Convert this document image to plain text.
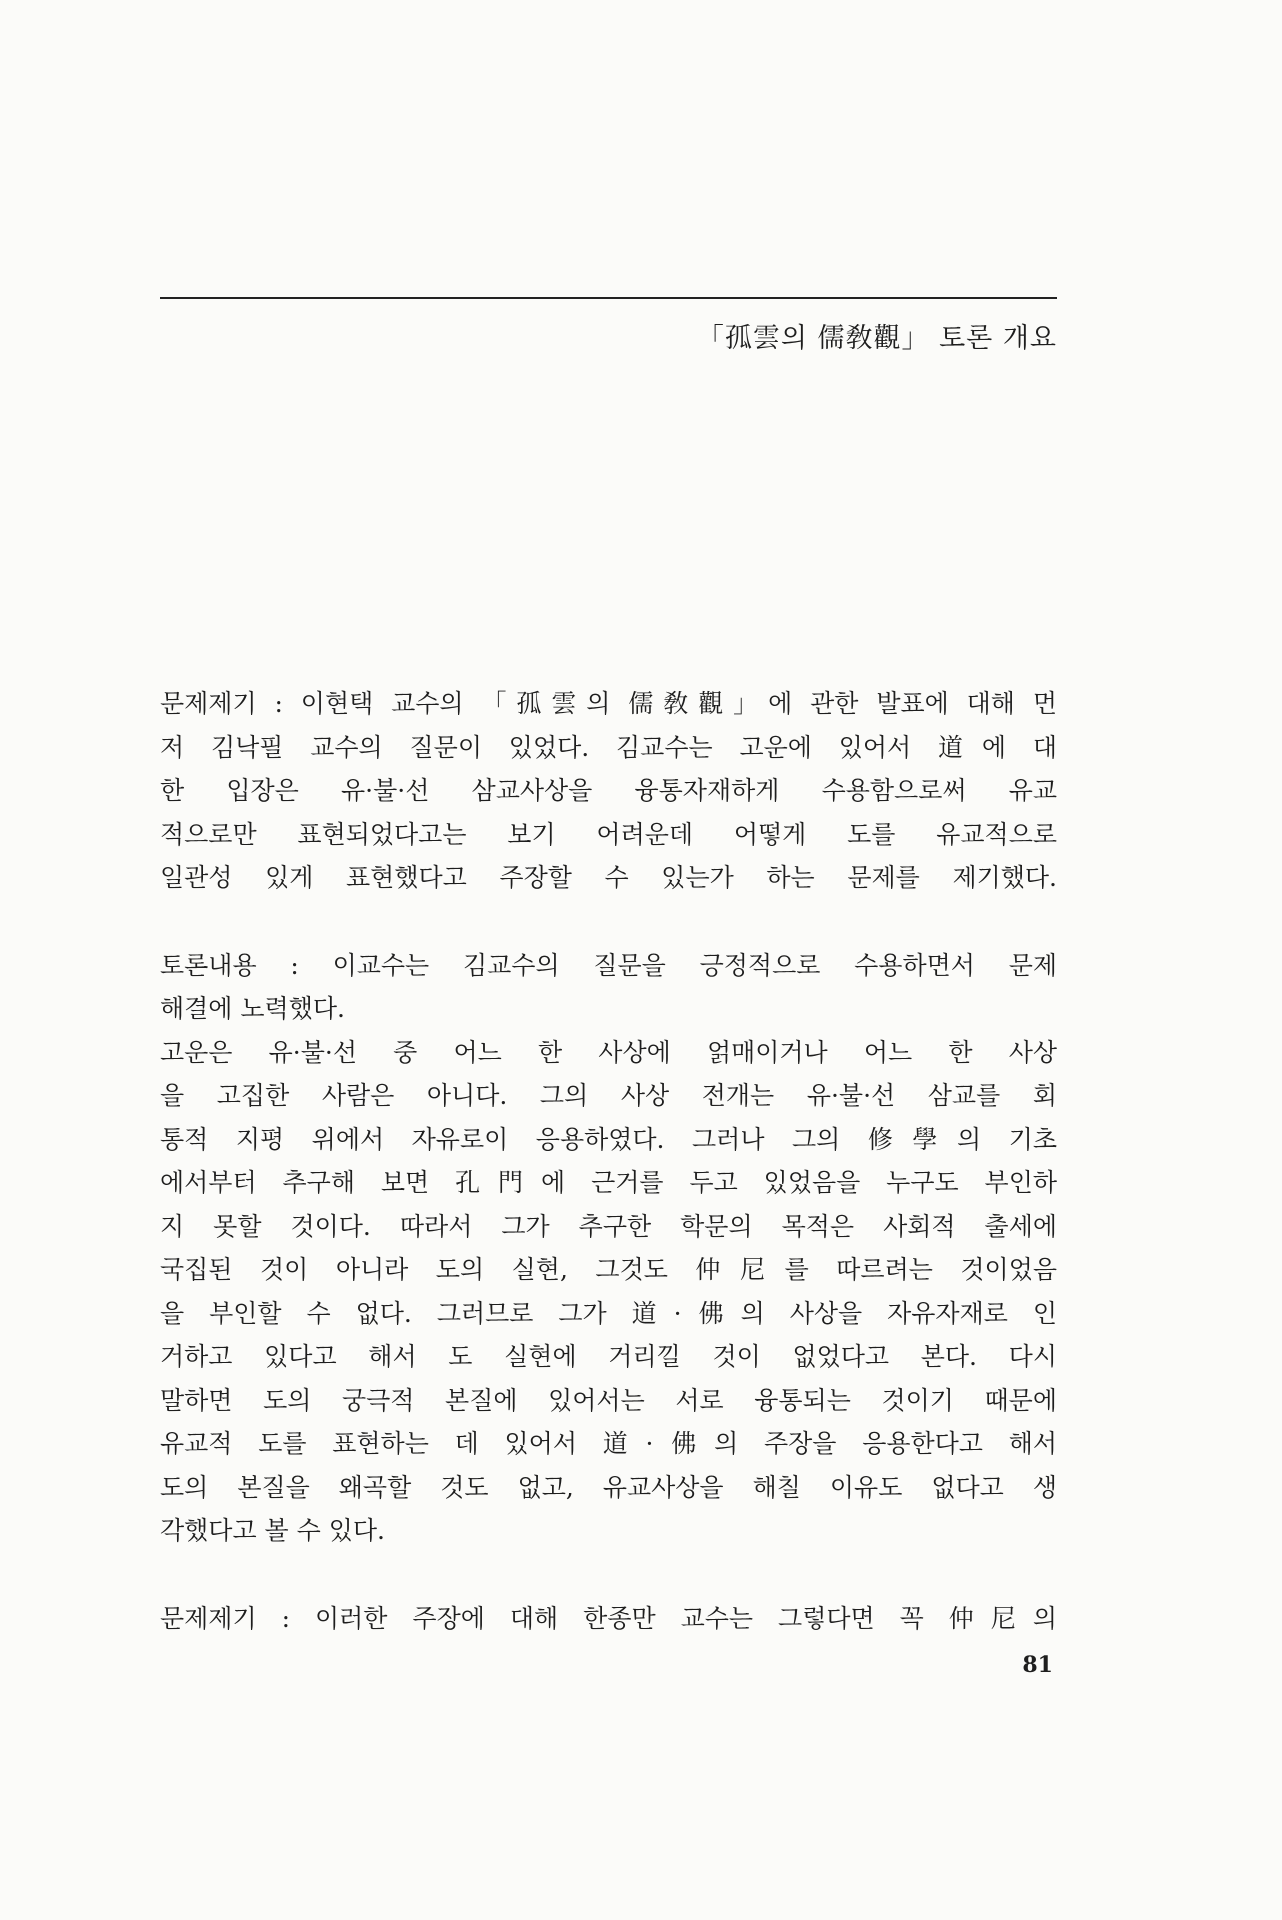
「孤雲의 儒敎觀」 토론 개요
문제제기 : 이현택 교수의 「孤雲의 儒敎觀」에 관한 발표에 대해 먼
저 김낙필 교수의 질문이 있었다. 김교수는 고운에 있어서 道에 대
한 입장은 유·불·선 삼교사상을 융통자재하게 수용함으로써 유교
적으로만 표현되었다고는 보기 어려운데 어떻게 도를 유교적으로
일관성 있게 표현했다고 주장할 수 있는가 하는 문제를 제기했다.
토론내용 : 이교수는 김교수의 질문을 긍정적으로 수용하면서 문제
해결에 노력했다.
고운은 유·불·선 중 어느 한 사상에 얽매이거나 어느 한 사상
을 고집한 사람은 아니다. 그의 사상 전개는 유·불·선 삼교를 회
통적 지평 위에서 자유로이 응용하였다. 그러나 그의 修學의 기초
에서부터 추구해 보면 孔門에 근거를 두고 있었음을 누구도 부인하
지 못할 것이다. 따라서 그가 추구한 학문의 목적은 사회적 출세에
국집된 것이 아니라 도의 실현, 그것도 仲尼를 따르려는 것이었음
을 부인할 수 없다. 그러므로 그가 道·佛의 사상을 자유자재로 인
거하고 있다고 해서 도 실현에 거리낄 것이 없었다고 본다. 다시
말하면 도의 궁극적 본질에 있어서는 서로 융통되는 것이기 때문에
유교적 도를 표현하는 데 있어서 道·佛의 주장을 응용한다고 해서
도의 본질을 왜곡할 것도 없고, 유교사상을 해칠 이유도 없다고 생
각했다고 볼 수 있다.
문제제기 : 이러한 주장에 대해 한종만 교수는 그렇다면 꼭 仲尼의
81
